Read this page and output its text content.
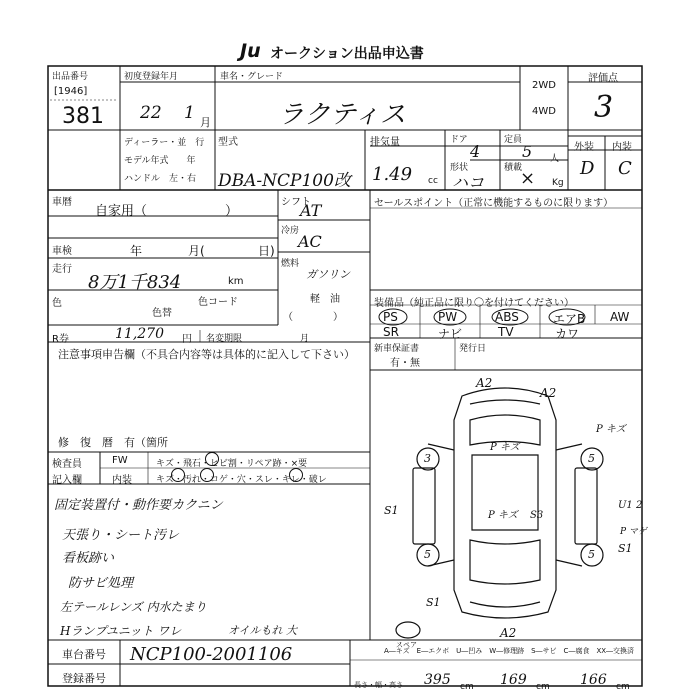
Ju オークション出品申込書
出品番号
[1946]
381
初度登録年月
22 1 月
車名・グレード
ラクティス
2WD
4WD
評価点
3
ディーラー・並　行
モデル年式　　年
ハンドル　左・右
型式
DBA-NCP100改
排気量
1.49 cc
ドア
4
定員
5 人
形状
ハコ
積載
× Kg
外装 内装
D C
車暦
自家用（　　　　　　）
シフト
AT	セールスポイント（正常に機能するものに限ります）
車検	年	月(	日)
冷房
AC
走行
8万1千834	km
燃料
ガソリン
軽　油
（　　　　）
色
色替
色コード	装備品（純正品に限り〇を付けてください）
PS	PW	ABS	エアB AW
SR	ナビ	TV	カワ
R券	11,270 円 名変期限	月
新車保証書
有・無
発行日
注意事項申告欄（不具合内容等は具体的に記入して下さい）
修　復　暦　有（箇所
検査員
記入欄
FW	キズ・飛石・ヒビ割・リペア跡・×要
内装	キズ・汚れ・コゲ・穴・スレ・キレ・破レ
固定装置付・動作要カクニン
天張り・シート汚レ
看板跡い
防サビ処理
左テールレンズ 内水たまり
Hランプユニット ワレ	オイルもれ 大
A2
A2
P キズ
P キズ
P キズ S3
S1
S1
S1
U1 2
P マゲ
A2
3
5
5
5
スペア
車台番号 NCP100-2001106
登録番号
A―キズ　E―エクボ　U―凹み　W―修理跡　S―サビ　C―腐食　XX―交換済
長さ・幅・高さ 395 cm 169 cm 166 cm
